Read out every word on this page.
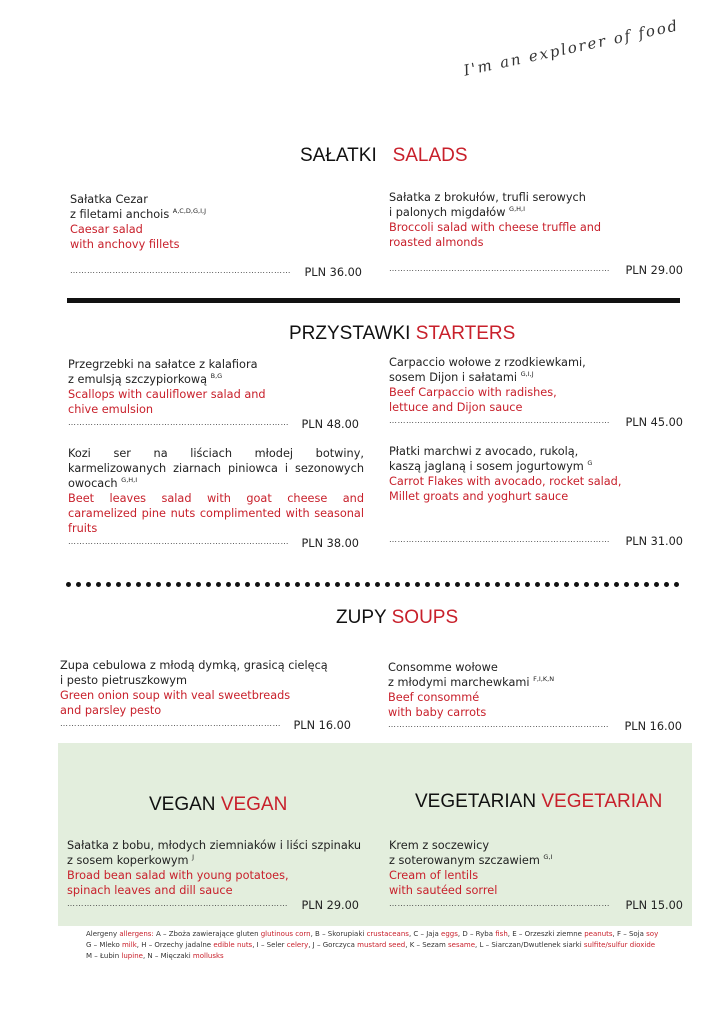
I'm an explorer of food
SAŁATKI SALADS
Sałatka Cezar
z filetami anchois $^{A,C,D,G,I,J}$
Caesar salad
with anchovy fillets
……………………………………………………………………	PLN 36.00
Sałatka z brokułów, trufli serowych
i palonych migdałów $^{G,H,I}$
Broccoli salad with cheese truffle and
roasted almonds
……………………………………………………………………	PLN 29.00
PRZYSTAWKI STARTERS
Przegrzebki na sałatce z kalafiora
z emulsją szczypiorkową $^{B,G}$
Scallops with cauliflower salad and
chive emulsion
……………………………………………………………………	PLN 48.00
Carpaccio wołowe z rzodkiewkami,
sosem Dijon i sałatami $^{G,I,J}$
Beef Carpaccio with radishes,
lettuce and Dijon sauce
……………………………………………………………………	PLN 45.00
Kozi ser na liściach młodej botwiny, karmelizowanych ziarnach piniowca i sezonowych owocach $^{G,H,I}$
Beet leaves salad with goat cheese and caramelized pine nuts complimented with seasonal fruits
……………………………………………………………………	PLN 38.00
Płatki marchwi z avocado, rukolą,
kaszą jaglaną i sosem jogurtowym $^G$
Carrot Flakes with avocado, rocket salad,
Millet groats and yoghurt sauce
……………………………………………………………………	PLN 31.00
ZUPY SOUPS
Zupa cebulowa z młodą dymką, grasicą cielęcą
i pesto pietruszkowym
Green onion soup with veal sweetbreads
and parsley pesto
……………………………………………………………………	PLN 16.00
Consomme wołowe
z młodymi marchewkami $^{F,I,K,N}$
Beef consommé
with baby carrots
……………………………………………………………………	PLN 16.00
VEGAN VEGAN	VEGETARIAN VEGETARIAN
Sałatka z bobu, młodych ziemniaków i liści szpinaku
z sosem koperkowym $^J$
Broad bean salad with young potatoes,
spinach leaves and dill sauce
……………………………………………………………………	PLN 29.00
Krem z soczewicy
z soterowanym szczawiem $^{G,I}$
Cream of lentils
with sautéed sorrel
……………………………………………………………………	PLN 15.00
Alergeny allergens: A – Zboża zawierające gluten glutinous corn, B – Skorupiaki crustaceans, C – Jaja eggs, D – Ryba fish, E – Orzeszki ziemne peanuts, F – Soja soy
G – Mleko milk, H – Orzechy jadalne edible nuts, I – Seler celery, J – Gorczyca mustard seed, K – Sezam sesame, L – Siarczan/Dwutlenek siarki sulfite/sulfur dioxide
M – Łubin lupine, N – Mięczaki mollusks
